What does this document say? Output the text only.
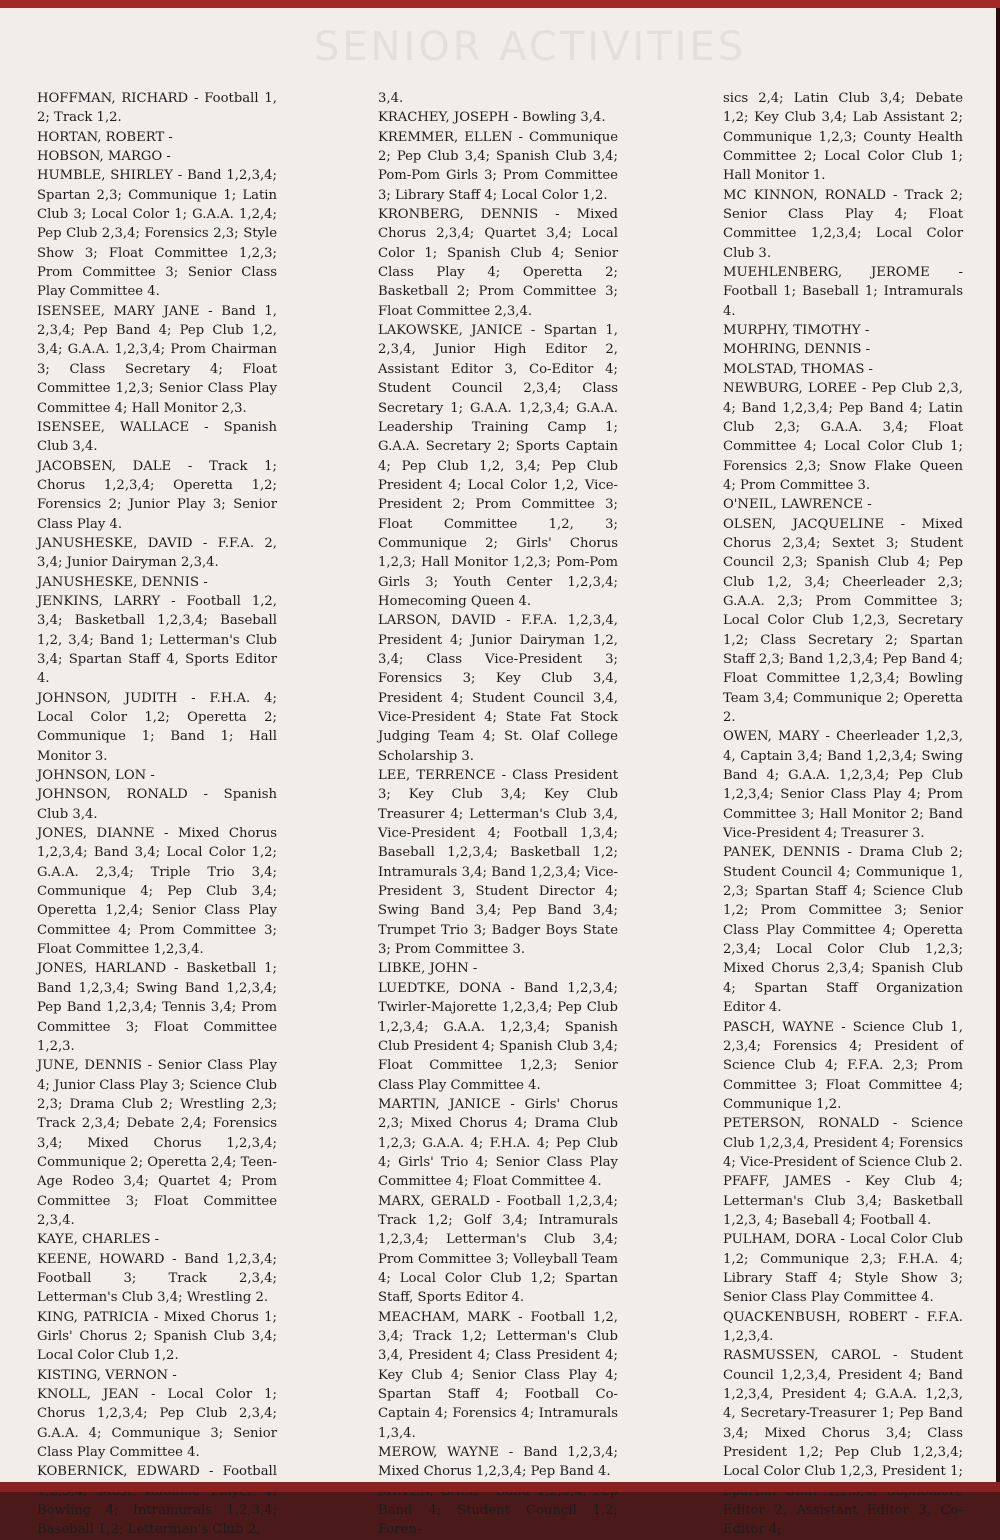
SENIOR ACTIVITIES

HOFFMAN, RICHARD - Football 1, 2; Track 1,2.

HORTAN, ROBERT -

HOBSON, MARGO -

HUMBLE, SHIRLEY - Band 1,2,3,4; Spartan 2,3; Communique 1; Latin Club 3; Local Color 1; G.A.A. 1,2,4; Pep Club 2,3,4; Forensics 2,3; Style Show 3; Float Committee 1,2,3; Prom Committee 3; Senior Class Play Committee 4.

ISENSEE, MARY JANE - Band 1, 2,3,4; Pep Band 4; Pep Club 1,2, 3,4; G.A.A. 1,2,3,4; Prom Chairman 3; Class Secretary 4; Float Committee 1,2,3; Senior Class Play Committee 4; Hall Monitor 2,3.

ISENSEE, WALLACE - Spanish Club 3,4.

JACOBSEN, DALE - Track 1; Chorus 1,2,3,4; Operetta 1,2; Forensics 2; Junior Play 3; Senior Class Play 4.

JANUSHESKE, DAVID - F.F.A. 2, 3,4; Junior Dairyman 2,3,4.

JANUSHESKE, DENNIS -

JENKINS, LARRY - Football 1,2, 3,4; Basketball 1,2,3,4; Baseball 1,2, 3,4; Band 1; Letterman's Club 3,4; Spartan Staff 4, Sports Editor 4.

JOHNSON, JUDITH - F.H.A. 4; Local Color 1,2; Operetta 2; Communique 1; Band 1; Hall Monitor 3.

JOHNSON, LON -

JOHNSON, RONALD - Spanish Club 3,4.

JONES, DIANNE - Mixed Chorus 1,2,3,4; Band 3,4; Local Color 1,2; G.A.A. 2,3,4; Triple Trio 3,4; Communique 4; Pep Club 3,4; Operetta 1,2,4; Senior Class Play Committee 4; Prom Committee 3; Float Committee 1,2,3,4.

JONES, HARLAND - Basketball 1; Band 1,2,3,4; Swing Band 1,2,3,4; Pep Band 1,2,3,4; Tennis 3,4; Prom Committee 3; Float Committee 1,2,3.

JUNE, DENNIS - Senior Class Play 4; Junior Class Play 3; Science Club 2,3; Drama Club 2; Wrestling 2,3; Track 2,3,4; Debate 2,4; Forensics 3,4; Mixed Chorus 1,2,3,4; Communique 2; Operetta 2,4; Teen-Age Rodeo 3,4; Quartet 4; Prom Committee 3; Float Committee 2,3,4.

KAYE, CHARLES -

KEENE, HOWARD - Band 1,2,3,4; Football 3; Track 2,3,4; Letterman's Club 3,4; Wrestling 2.

KING, PATRICIA - Mixed Chorus 1; Girls' Chorus 2; Spanish Club 3,4; Local Color Club 1,2.

KISTING, VERNON -

KNOLL, JEAN - Local Color 1; Chorus 1,2,3,4; Pep Club 2,3,4; G.A.A. 4; Communique 3; Senior Class Play Committee 4.

KOBERNICK, EDWARD - Football Bowling 4; Intramurals 1,2,3,4; Baseball 1,2; Letterman's Club 2,

3,4.

KRACHEY, JOSEPH - Bowling 3,4.

KREMMER, ELLEN - Communique 2; Pep Club 3,4; Spanish Club 3,4; Pom-Pom Girls 3; Prom Committee 3; Library Staff 4; Local Color 1,2.

KRONBERG, DENNIS - Mixed Chorus 2,3,4; Quartet 3,4; Local Color 1; Spanish Club 4; Senior Class Play 4; Operetta 2; Basketball 2; Prom Committee 3; Float Committee 2,3,4.

LAKOWSKE, JANICE - Spartan 1, 2,3,4, Junior High Editor 2, Assistant Editor 3, Co-Editor 4; Student Council 2,3,4; Class Secretary 1; G.A.A. 1,2,3,4; G.A.A. Leadership Training Camp 1; G.A.A. Secretary 2; Sports Captain 4; Pep Club 1,2, 3,4; Pep Club President 4; Local Color 1,2, Vice-President 2; Prom Committee 3; Float Committee 1,2, 3; Communique 2; Girls' Chorus 1,2,3; Hall Monitor 1,2,3; Pom-Pom Girls 3; Youth Center 1,2,3,4; Homecoming Queen 4.

LARSON, DAVID - F.F.A. 1,2,3,4, President 4; Junior Dairyman 1,2, 3,4; Class Vice-President 3; Forensics 3; Key Club 3,4, President 4; Student Council 3,4, Vice-President 4; State Fat Stock Judging Team 4; St. Olaf College Scholarship 3.

LEE, TERRENCE - Class President 3; Key Club 3,4; Key Club Treasurer 4; Letterman's Club 3,4, Vice-President 4; Football 1,3,4; Baseball 1,2,3,4; Basketball 1,2; Intramurals 3,4; Band 1,2,3,4; Vice-President 3, Student Director 4; Swing Band 3,4; Pep Band 3,4; Trumpet Trio 3; Badger Boys State 3; Prom Committee 3.

LIBKE, JOHN -

LUEDTKE, DONA - Band 1,2,3,4; Twirler-Majorette 1,2,3,4; Pep Club 1,2,3,4; G.A.A. 1,2,3,4; Spanish Club President 4; Spanish Club 3,4; Float Committee 1,2,3; Senior Class Play Committee 4.

MARTIN, JANICE - Girls' Chorus 2,3; Mixed Chorus 4; Drama Club 1,2,3; G.A.A. 4; F.H.A. 4; Pep Club 4; Girls' Trio 4; Senior Class Play Committee 4; Float Committee 4.

MARX, GERALD - Football 1,2,3,4; Track 1,2; Golf 3,4; Intramurals 1,2,3,4; Letterman's Club 3,4; Prom Committee 3; Volleyball Team 4; Local Color Club 1,2; Spartan Staff, Sports Editor 4.

MEACHAM, MARK - Football 1,2, 3,4; Track 1,2; Letterman's Club 3,4, President 4; Class President 4; Key Club 4; Senior Class Play 4; Spartan Staff 4; Football Co-Captain 4; Forensics 4; Intramurals 1,3,4.

MEROW, WAYNE - Band 1,2,3,4; Mixed Chorus 1,2,3,4; Pep Band 4.

Band 4; Student Council 1,2; Foren-

sics 2,4; Latin Club 3,4; Debate 1,2; Key Club 3,4; Lab Assistant 2; Communique 1,2,3; County Health Committee 2; Local Color Club 1; Hall Monitor 1.

MC KINNON, RONALD - Track 2; Senior Class Play 4; Float Committee 1,2,3,4; Local Color Club 3.

MUEHLENBERG, JEROME - Football 1; Baseball 1; Intramurals 4.

MURPHY, TIMOTHY -

MOHRING, DENNIS -

MOLSTAD, THOMAS -

NEWBURG, LOREE - Pep Club 2,3, 4; Band 1,2,3,4; Pep Band 4; Latin Club 2,3; G.A.A. 3,4; Float Committee 4; Local Color Club 1; Forensics 2,3; Snow Flake Queen 4; Prom Committee 3.

O'NEIL, LAWRENCE -

OLSEN, JACQUELINE - Mixed Chorus 2,3,4; Sextet 3; Student Council 2,3; Spanish Club 4; Pep Club 1,2, 3,4; Cheerleader 2,3; G.A.A. 2,3; Prom Committee 3; Local Color Club 1,2,3, Secretary 1,2; Class Secretary 2; Spartan Staff 2,3; Band 1,2,3,4; Pep Band 4; Float Committee 1,2,3,4; Bowling Team 3,4; Communique 2; Operetta 2.

OWEN, MARY - Cheerleader 1,2,3, 4, Captain 3,4; Band 1,2,3,4; Swing Band 4; G.A.A. 1,2,3,4; Pep Club 1,2,3,4; Senior Class Play 4; Prom Committee 3; Hall Monitor 2; Band Vice-President 4; Treasurer 3.

PANEK, DENNIS - Drama Club 2; Student Council 4; Communique 1, 2,3; Spartan Staff 4; Science Club 1,2; Prom Committee 3; Senior Class Play Committee 4; Operetta 2,3,4; Local Color Club 1,2,3; Mixed Chorus 2,3,4; Spanish Club 4; Spartan Staff Organization Editor 4.

PASCH, WAYNE - Science Club 1, 2,3,4; Forensics 4; President of Science Club 4; F.F.A. 2,3; Prom Committee 3; Float Committee 4; Communique 1,2.

PETERSON, RONALD - Science Club 1,2,3,4, President 4; Forensics 4; Vice-President of Science Club 2.

PFAFF, JAMES - Key Club 4; Letterman's Club 3,4; Basketball 1,2,3, 4; Baseball 4; Football 4.

PULHAM, DORA - Local Color Club 1,2; Communique 2,3; F.H.A. 4; Library Staff 4; Style Show 3; Senior Class Play Committee 4.

QUACKENBUSH, ROBERT - F.F.A. 1,2,3,4.

RASMUSSEN, CAROL - Student Council 1,2,3,4, President 4; Band 1,2,3,4, President 4; G.A.A. 1,2,3, 4, Secretary-Treasurer 1; Pep Band 3,4; Mixed Chorus 3,4; Class President 1,2; Pep Club 1,2,3,4; Local Color Club 1,2,3, President 1; Editor 2, Assistant Editor 3, Co-Editor 4;
